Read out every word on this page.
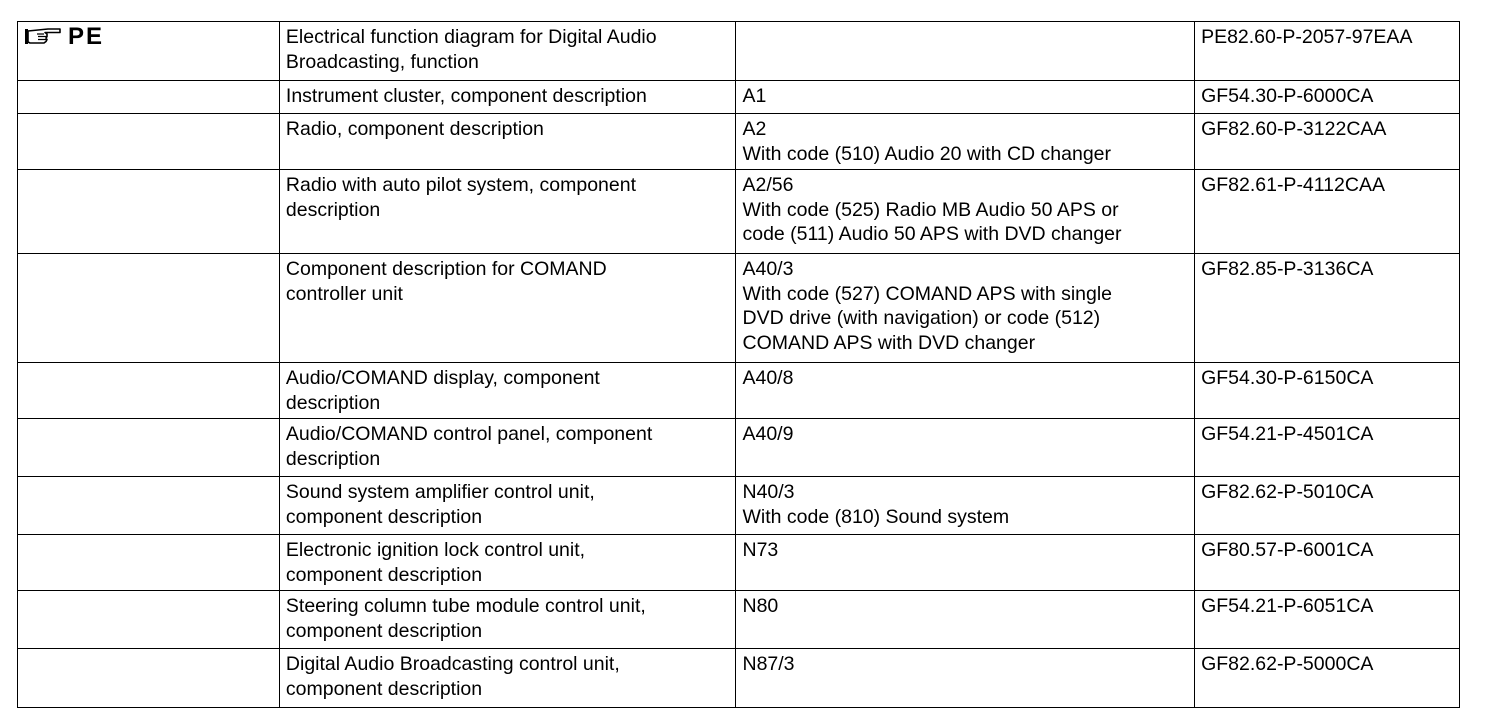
PE	Electrical function diagram for Digital Audio
Broadcasting, function		PE82.60-P-2057-97EAA

	Instrument cluster, component description	A1	GF54.30-P-6000CA

	Radio, component description	A2
With code (510) Audio 20 with CD changer	GF82.60-P-3122CAA

	Radio with auto pilot system, component
description	A2/56
With code (525) Radio MB Audio 50 APS or
code (511) Audio 50 APS with DVD changer	GF82.61-P-4112CAA

	Component description for COMAND
controller unit	A40/3
With code (527) COMAND APS with single
DVD drive (with navigation) or code (512)
COMAND APS with DVD changer	GF82.85-P-3136CA

	Audio/COMAND display, component
description	A40/8	GF54.30-P-6150CA

	Audio/COMAND control panel, component
description	A40/9	GF54.21-P-4501CA

	Sound system amplifier control unit,
component description	N40/3
With code (810) Sound system	GF82.62-P-5010CA

	Electronic ignition lock control unit,
component description	N73	GF80.57-P-6001CA

	Steering column tube module control unit,
component description	N80	GF54.21-P-6051CA

	Digital Audio Broadcasting control unit,
component description	N87/3	GF82.62-P-5000CA
